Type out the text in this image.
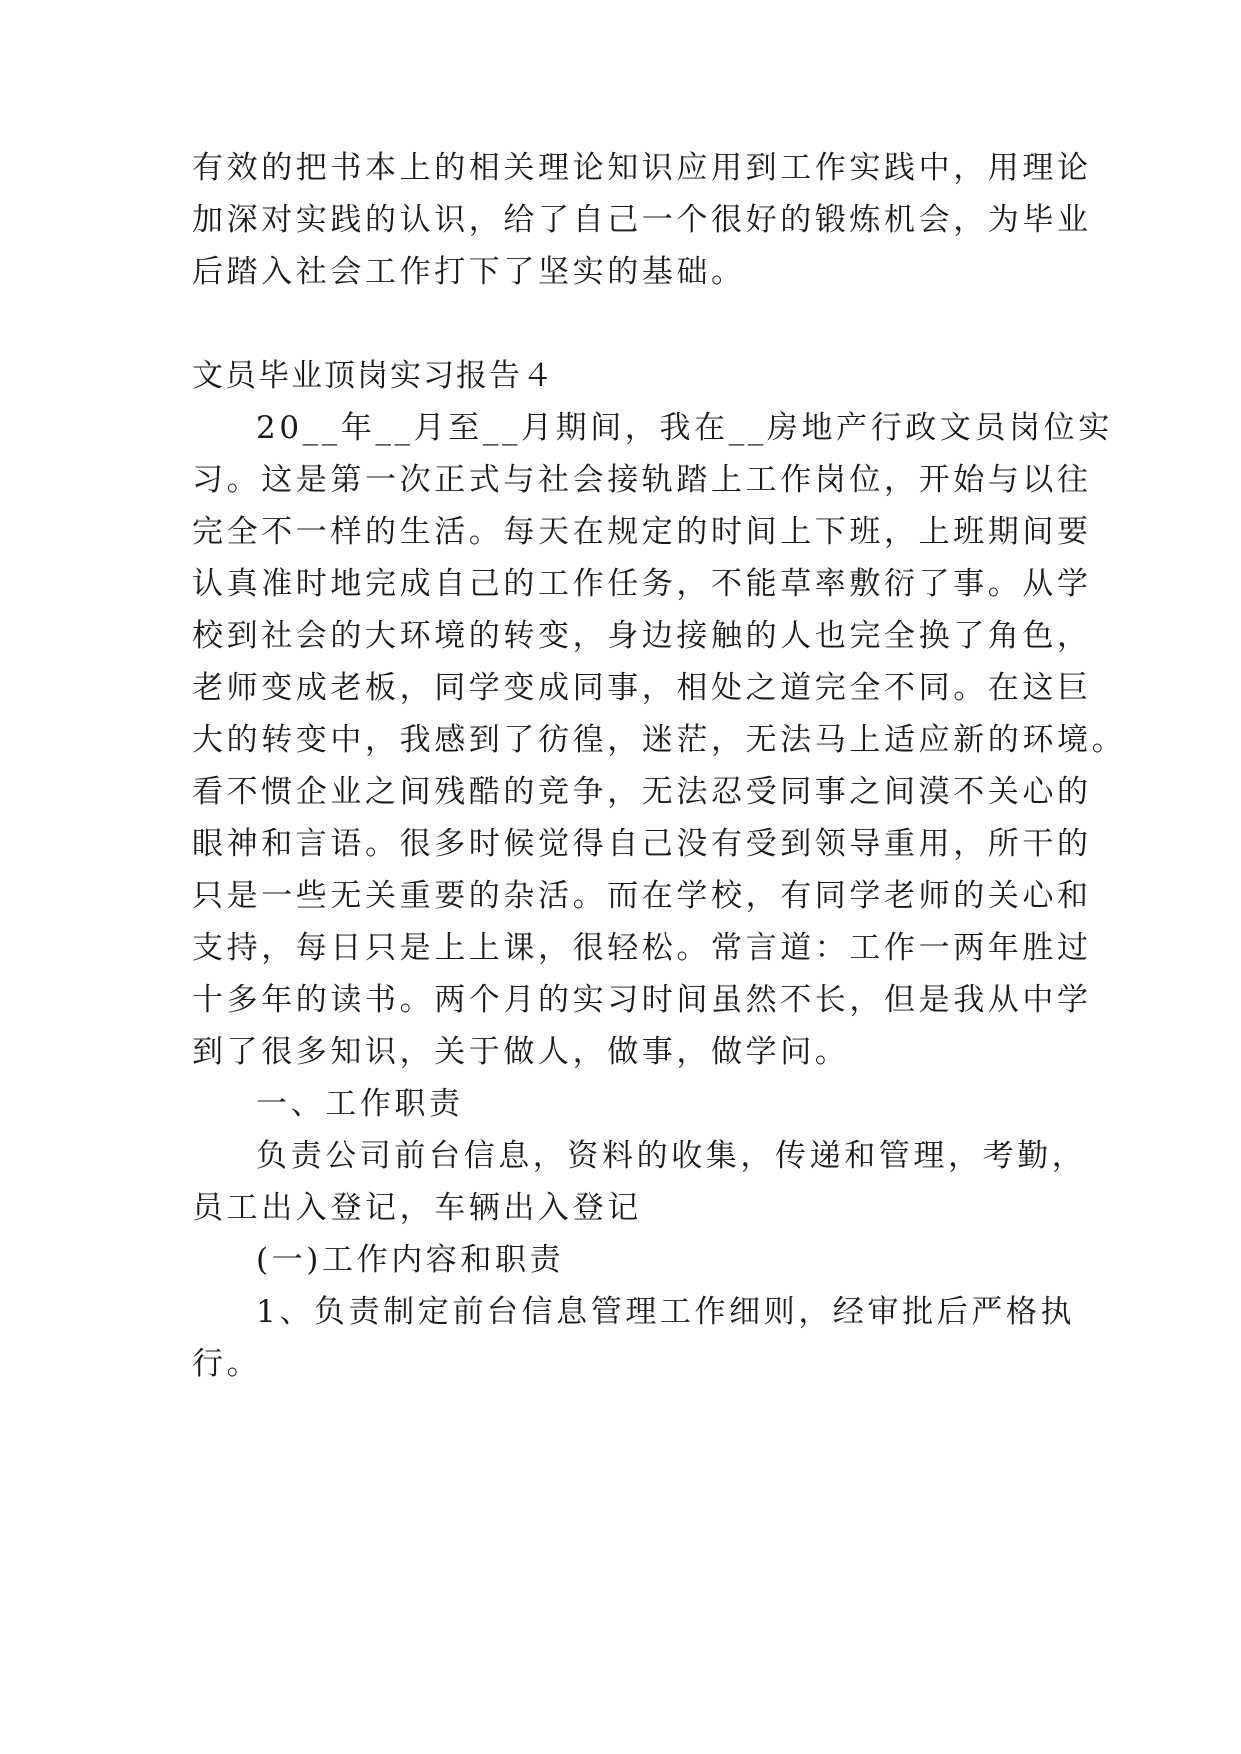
有效的把书本上的相关理论知识应用到工作实践中，用理论
加深对实践的认识，给了自己一个很好的锻炼机会，为毕业
后踏入社会工作打下了坚实的基础。
文员毕业顶岗实习报告４
20__年__月至__月期间，我在__房地产行政文员岗位实
习。这是第一次正式与社会接轨踏上工作岗位，开始与以往
完全不一样的生活。每天在规定的时间上下班，上班期间要
认真准时地完成自己的工作任务，不能草率敷衍了事。从学
校到社会的大环境的转变，身边接触的人也完全换了角色，
老师变成老板，同学变成同事，相处之道完全不同。在这巨
大的转变中，我感到了彷徨，迷茫，无法马上适应新的环境。
看不惯企业之间残酷的竞争，无法忍受同事之间漠不关心的
眼神和言语。很多时候觉得自己没有受到领导重用，所干的
只是一些无关重要的杂活。而在学校，有同学老师的关心和
支持，每日只是上上课，很轻松。常言道：工作一两年胜过
十多年的读书。两个月的实习时间虽然不长，但是我从中学
到了很多知识，关于做人，做事，做学问。
一、工作职责
负责公司前台信息，资料的收集，传递和管理，考勤，
员工出入登记，车辆出入登记
(一)工作内容和职责
1、负责制定前台信息管理工作细则，经审批后严格执
行。
